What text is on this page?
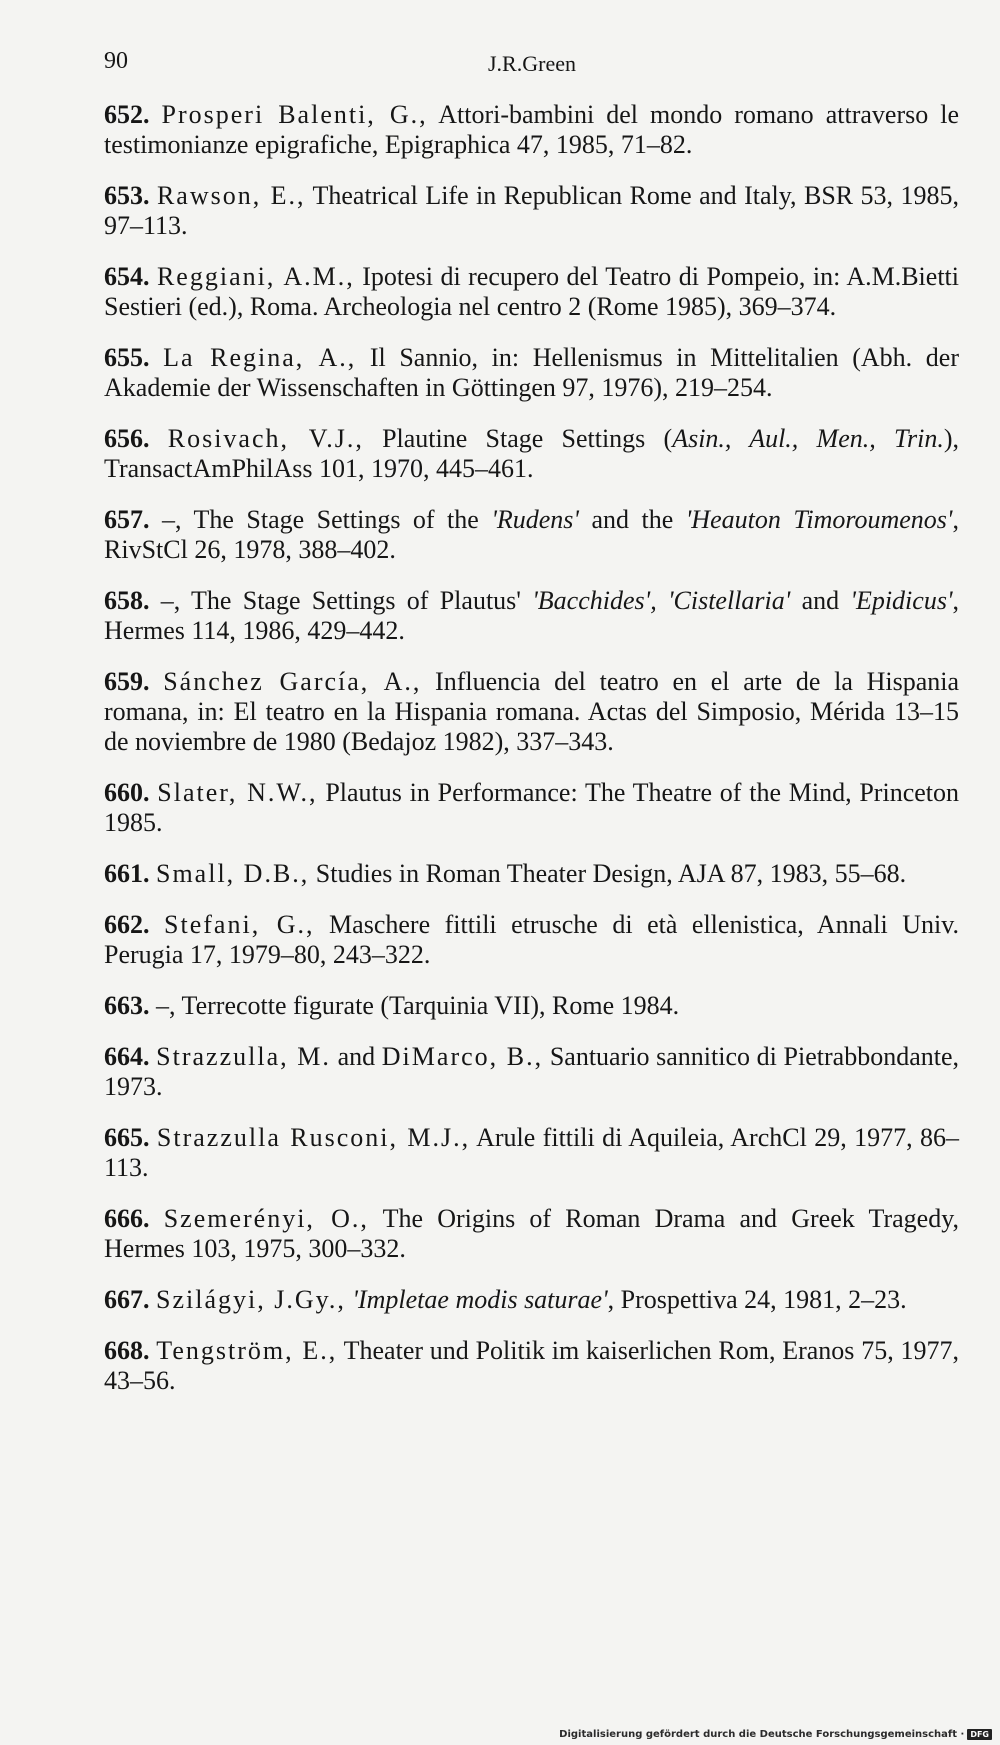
90	J.R.Green

652. Prosperi Balenti, G., Attori-bambini del mondo romano attraverso le testimonianze epigrafiche, Epigraphica 47, 1985, 71–82.

653. Rawson, E., Theatrical Life in Republican Rome and Italy, BSR 53, 1985, 97–113.

654. Reggiani, A.M., Ipotesi di recupero del Teatro di Pompeio, in: A.M.Bietti Sestieri (ed.), Roma. Archeologia nel centro 2 (Rome 1985), 369–374.

655. La Regina, A., Il Sannio, in: Hellenismus in Mittelitalien (Abh. der Akademie der Wissenschaften in Göttingen 97, 1976), 219–254.

656. Rosivach, V.J., Plautine Stage Settings (Asin., Aul., Men., Trin.), TransactAmPhilAss 101, 1970, 445–461.

657. –, The Stage Settings of the 'Rudens' and the 'Heauton Timoroumenos', RivStCl 26, 1978, 388–402.

658. –, The Stage Settings of Plautus' 'Bacchides', 'Cistellaria' and 'Epidicus', Hermes 114, 1986, 429–442.

659. Sánchez García, A., Influencia del teatro en el arte de la Hispania romana, in: El teatro en la Hispania romana. Actas del Simposio, Mérida 13–15 de noviembre de 1980 (Bedajoz 1982), 337–343.

660. Slater, N.W., Plautus in Performance: The Theatre of the Mind, Princeton 1985.

661. Small, D.B., Studies in Roman Theater Design, AJA 87, 1983, 55–68.

662. Stefani, G., Maschere fittili etrusche di età ellenistica, Annali Univ. Perugia 17, 1979–80, 243–322.

663. –, Terrecotte figurate (Tarquinia VII), Rome 1984.

664. Strazzulla, M. and DiMarco, B., Santuario sannitico di Pietrabbondante, 1973.

665. Strazzulla Rusconi, M.J., Arule fittili di Aquileia, ArchCl 29, 1977, 86–113.

666. Szemerényi, O., The Origins of Roman Drama and Greek Tragedy, Hermes 103, 1975, 300–332.

667. Szilágyi, J.Gy., 'Impletae modis saturae', Prospettiva 24, 1981, 2–23.

668. Tengström, E., Theater und Politik im kaiserlichen Rom, Eranos 75, 1977, 43–56.

Digitalisierung gefördert durch die Deutsche Forschungsgemeinschaft · DFG
